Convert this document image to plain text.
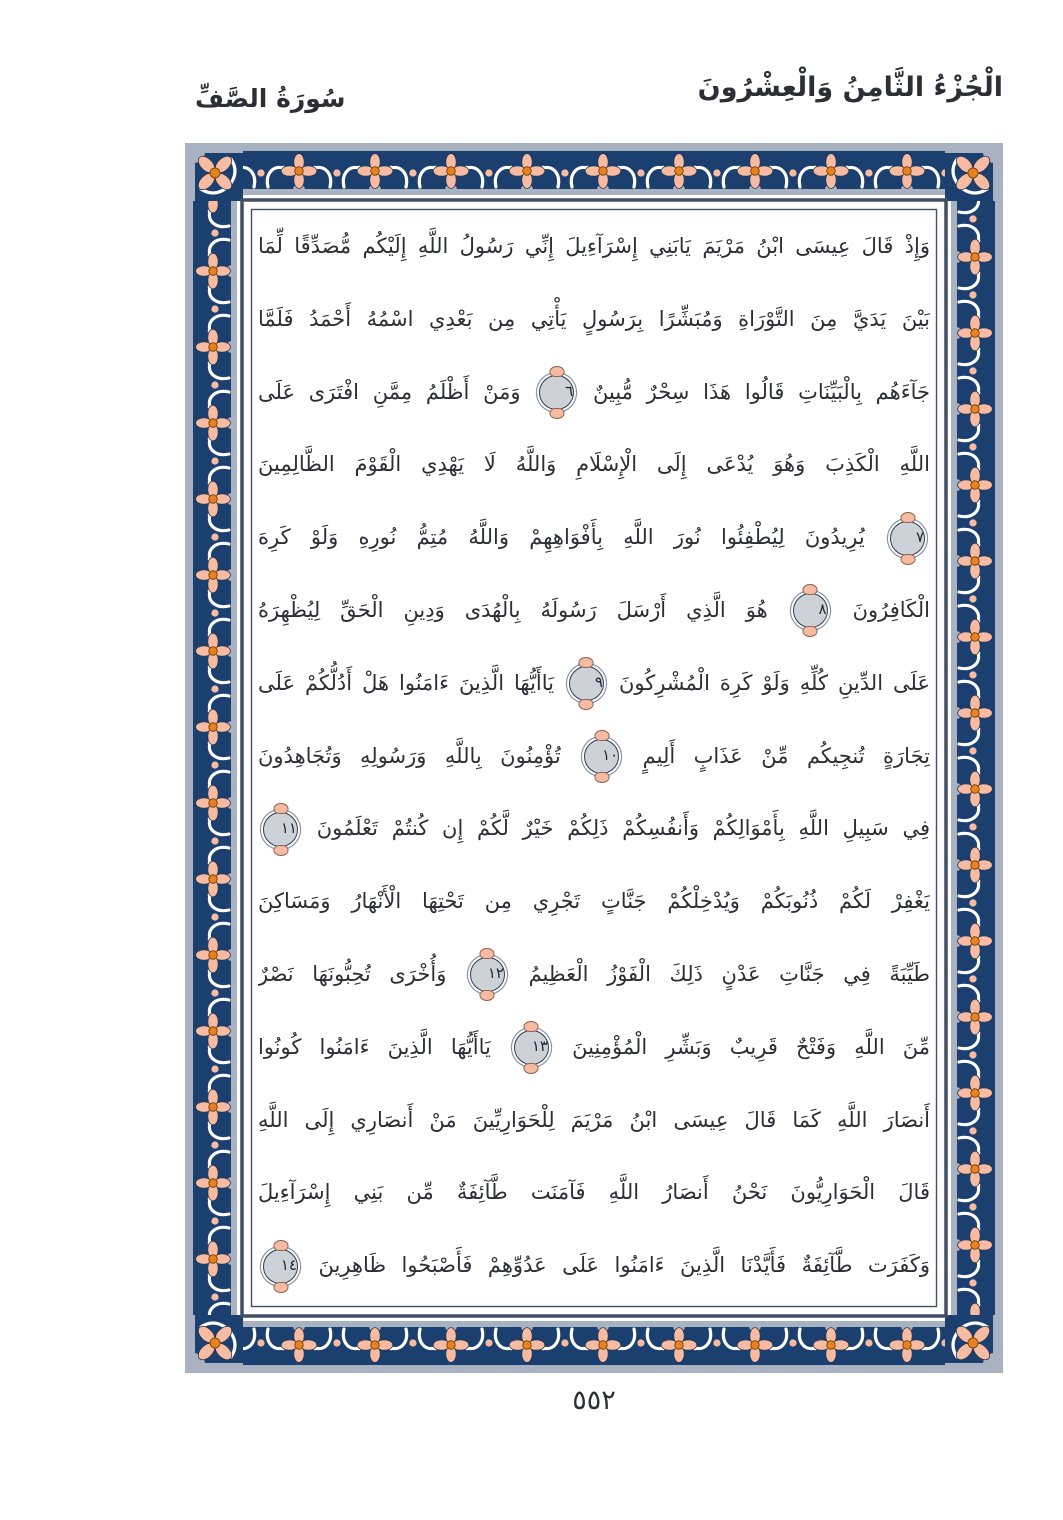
الْجُزْءُ الثَّامِنُ وَالْعِشْرُونَ
سُورَةُ الصَّفِّ
وَإِذْ قَالَ عِيسَى ابْنُ مَرْيَمَ يَابَنِي إِسْرَآءِيلَ إِنِّي رَسُولُ اللَّهِ إِلَيْكُم مُّصَدِّقًا لِّمَا
بَيْنَ يَدَيَّ مِنَ التَّوْرَاةِ وَمُبَشِّرًا بِرَسُولٍ يَأْتِي مِن بَعْدِي اسْمُهُ أَحْمَدُ فَلَمَّا
جَآءَهُم بِالْبَيِّنَاتِ قَالُوا هَذَا سِحْرٌ مُّبِينٌ
٦
وَمَنْ أَظْلَمُ مِمَّنِ افْتَرَى عَلَى
اللَّهِ الْكَذِبَ وَهُوَ يُدْعَى إِلَى الْإِسْلَامِ وَاللَّهُ لَا يَهْدِي الْقَوْمَ الظَّالِمِينَ
٧
يُرِيدُونَ لِيُطْفِئُوا نُورَ اللَّهِ بِأَفْوَاهِهِمْ وَاللَّهُ مُتِمُّ نُورِهِ وَلَوْ كَرِهَ
الْكَافِرُونَ
٨
هُوَ الَّذِي أَرْسَلَ رَسُولَهُ بِالْهُدَى وَدِينِ الْحَقِّ لِيُظْهِرَهُ
عَلَى الدِّينِ كُلِّهِ وَلَوْ كَرِهَ الْمُشْرِكُونَ
٩
يَاأَيُّهَا الَّذِينَ ءَامَنُوا هَلْ أَدُلُّكُمْ عَلَى
تِجَارَةٍ تُنجِيكُم مِّنْ عَذَابٍ أَلِيمٍ
١٠
تُؤْمِنُونَ بِاللَّهِ وَرَسُولِهِ وَتُجَاهِدُونَ
فِي سَبِيلِ اللَّهِ بِأَمْوَالِكُمْ وَأَنفُسِكُمْ ذَلِكُمْ خَيْرٌ لَّكُمْ إِن كُنتُمْ تَعْلَمُونَ
١١
يَغْفِرْ لَكُمْ ذُنُوبَكُمْ وَيُدْخِلْكُمْ جَنَّاتٍ تَجْرِي مِن تَحْتِهَا الْأَنْهَارُ وَمَسَاكِنَ
طَيِّبَةً فِي جَنَّاتِ عَدْنٍ ذَلِكَ الْفَوْزُ الْعَظِيمُ
١٢
وَأُخْرَى تُحِبُّونَهَا نَصْرٌ
مِّنَ اللَّهِ وَفَتْحٌ قَرِيبٌ وَبَشِّرِ الْمُؤْمِنِينَ
١٣
يَاأَيُّهَا الَّذِينَ ءَامَنُوا كُونُوا
أَنصَارَ اللَّهِ كَمَا قَالَ عِيسَى ابْنُ مَرْيَمَ لِلْحَوَارِيِّينَ مَنْ أَنصَارِي إِلَى اللَّهِ
قَالَ الْحَوَارِيُّونَ نَحْنُ أَنصَارُ اللَّهِ فَآمَنَت طَّآئِفَةٌ مِّن بَنِي إِسْرَآءِيلَ
وَكَفَرَت طَّآئِفَةٌ فَأَيَّدْنَا الَّذِينَ ءَامَنُوا عَلَى عَدُوِّهِمْ فَأَصْبَحُوا ظَاهِرِينَ
١٤
٥٥٢
